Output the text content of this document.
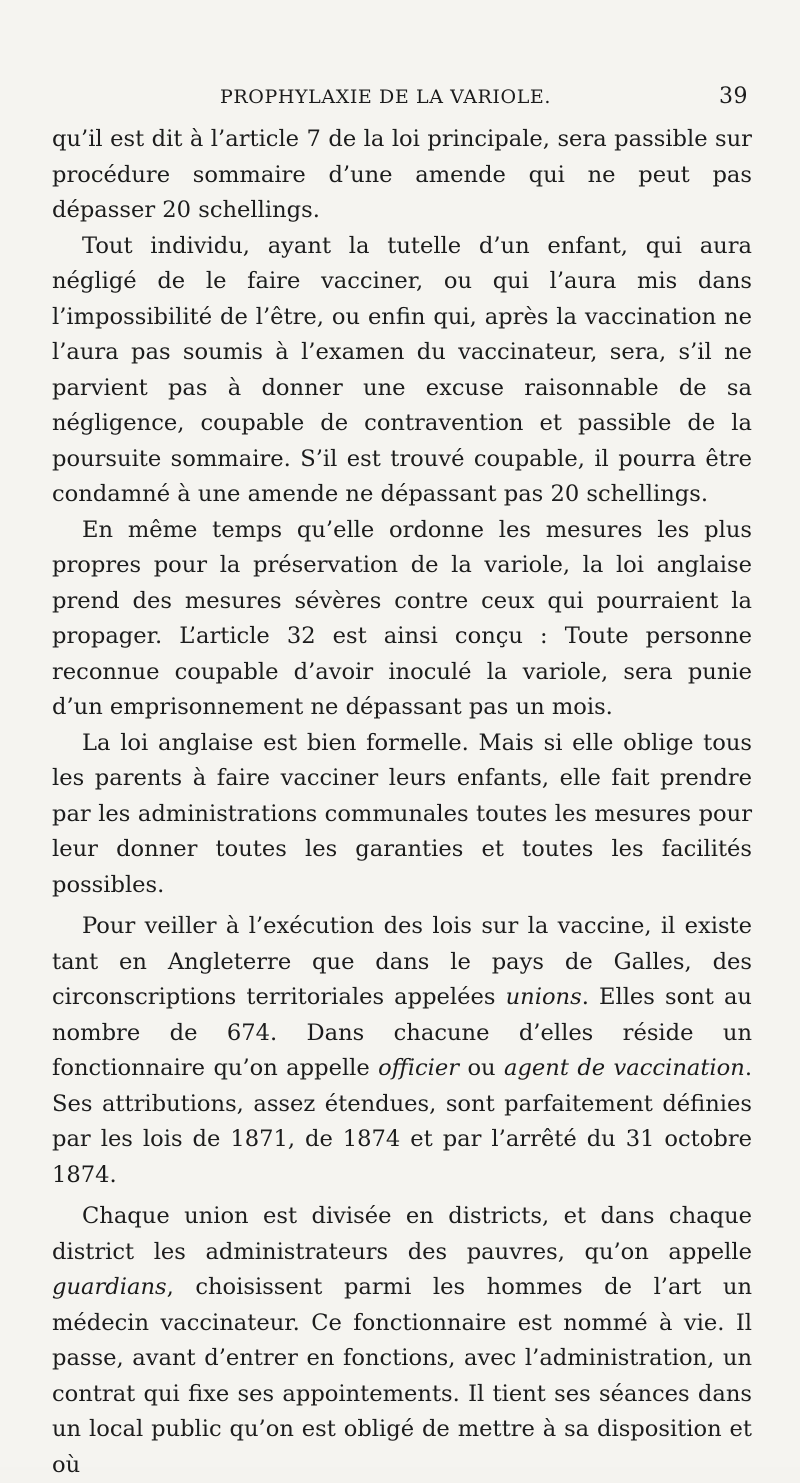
PROPHYLAXIE DE LA VARIOLE.	39

qu’il est dit à l’article 7 de la loi principale, sera passible sur procédure sommaire d’une amende qui ne peut pas dépasser 20 schellings.

Tout individu, ayant la tutelle d’un enfant, qui aura négligé de le faire vacciner, ou qui l’aura mis dans l’impossibilité de l’être, ou enfin qui, après la vaccination ne l’aura pas soumis à l’examen du vaccinateur, sera, s’il ne parvient pas à donner une excuse raisonnable de sa négligence, coupable de contravention et passible de la poursuite sommaire. S’il est trouvé coupable, il pourra être condamné à une amende ne dépassant pas 20 schellings.

En même temps qu’elle ordonne les mesures les plus propres pour la préservation de la variole, la loi anglaise prend des mesures sévères contre ceux qui pourraient la propager. L’article 32 est ainsi conçu : Toute personne reconnue coupable d’avoir inoculé la variole, sera punie d’un emprisonnement ne dépassant pas un mois.

La loi anglaise est bien formelle. Mais si elle oblige tous les parents à faire vacciner leurs enfants, elle fait prendre par les administrations communales toutes les mesures pour leur donner toutes les garanties et toutes les facilités possibles.

Pour veiller à l’exécution des lois sur la vaccine, il existe tant en Angleterre que dans le pays de Galles, des circonscriptions territoriales appelées unions. Elles sont au nombre de 674. Dans chacune d’elles réside un fonctionnaire qu’on appelle officier ou agent de vaccination. Ses attributions, assez étendues, sont parfaitement définies par les lois de 1871, de 1874 et par l’arrêté du 31 octobre 1874.

Chaque union est divisée en districts, et dans chaque district les administrateurs des pauvres, qu’on appelle guardians, choisissent parmi les hommes de l’art un médecin vaccinateur. Ce fonctionnaire est nommé à vie. Il passe, avant d’entrer en fonctions, avec l’administration, un contrat qui fixe ses appointements. Il tient ses séances dans un local public qu’on est obligé de mettre à sa disposition et où
